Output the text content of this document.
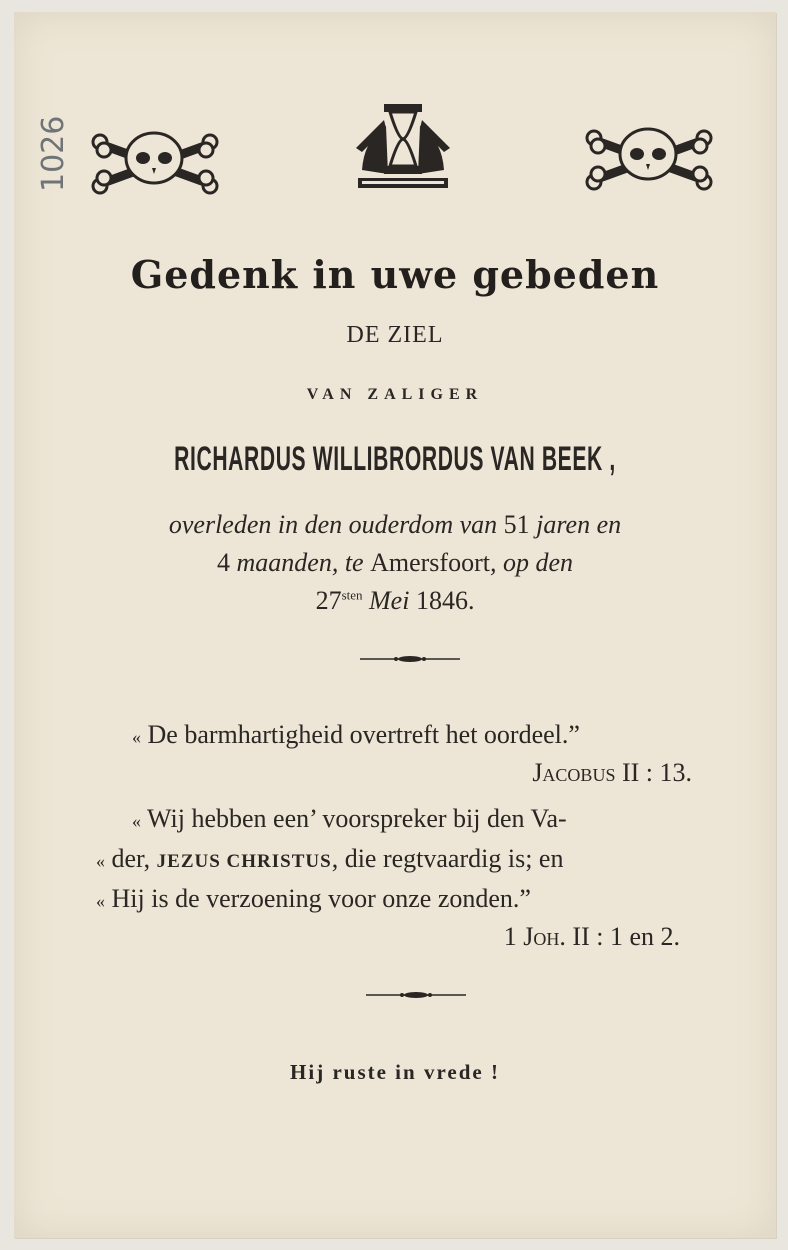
1026
Gedenk in uwe gebeden
DE ZIEL
VAN ZALIGER
RICHARDUS WILLIBRORDUS VAN BEEK ,
overleden in den ouderdom van 51 jaren en
4 maanden, te Amersfoort, op den
$27^{sten}$ Mei 1846.
« De barmhartigheid overtreft het oordeel.”
Jacobus II : 13.
« Wij hebben een’ voorspreker bij den Va-
« der, JEZUS CHRISTUS, die regtvaardig is; en
« Hij is de verzoening voor onze zonden.”
1 Joh. II : 1 en 2.
Hij ruste in vrede !
